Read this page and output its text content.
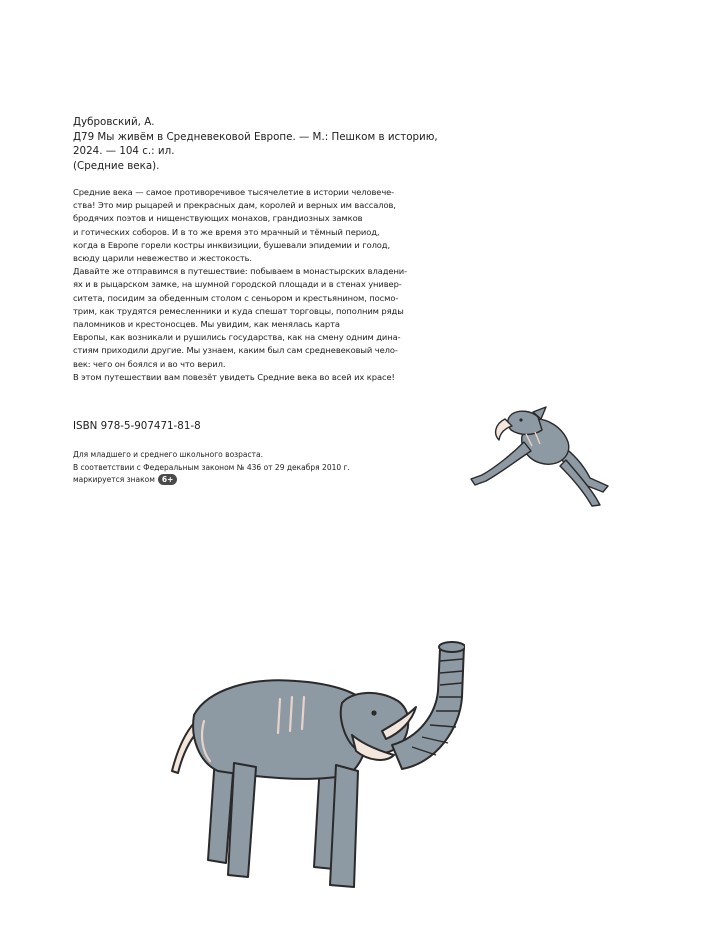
Дубровский, А.

Д79 Мы живём в Средневековой Европе. — М.: Пешком в историю,

2024. — 104 с.: ил.

(Средние века).

Средние века — самое противоречивое тысячелетие в истории человече-

ства! Это мир рыцарей и прекрасных дам, королей и верных им вассалов,

бродячих поэтов и нищенствующих монахов, грандиозных замков

и готических соборов. И в то же время это мрачный и тёмный период,

когда в Европе горели костры инквизиции, бушевали эпидемии и голод,

всюду царили невежество и жестокость.

Давайте же отправимся в путешествие: побываем в монастырских владени-

ях и в рыцарском замке, на шумной городской площади и в стенах универ-

ситета, посидим за обеденным столом с сеньором и крестьянином, посмо-

трим, как трудятся ремесленники и куда спешат торговцы, пополним ряды

паломников и крестоносцев. Мы увидим, как менялась карта

Европы, как возникали и рушились государства, как на смену одним дина-

стиям приходили другие. Мы узнаем, каким был сам средневековый чело-

век: чего он боялся и во что верил.

В этом путешествии вам повезёт увидеть Средние века во всей их красе!

ISBN 978-5-907471-81-8

Для младшего и среднего школьного возраста.

В соответствии с Федеральным законом № 436 от 29 декабря 2010 г.

маркируется знаком 6+
